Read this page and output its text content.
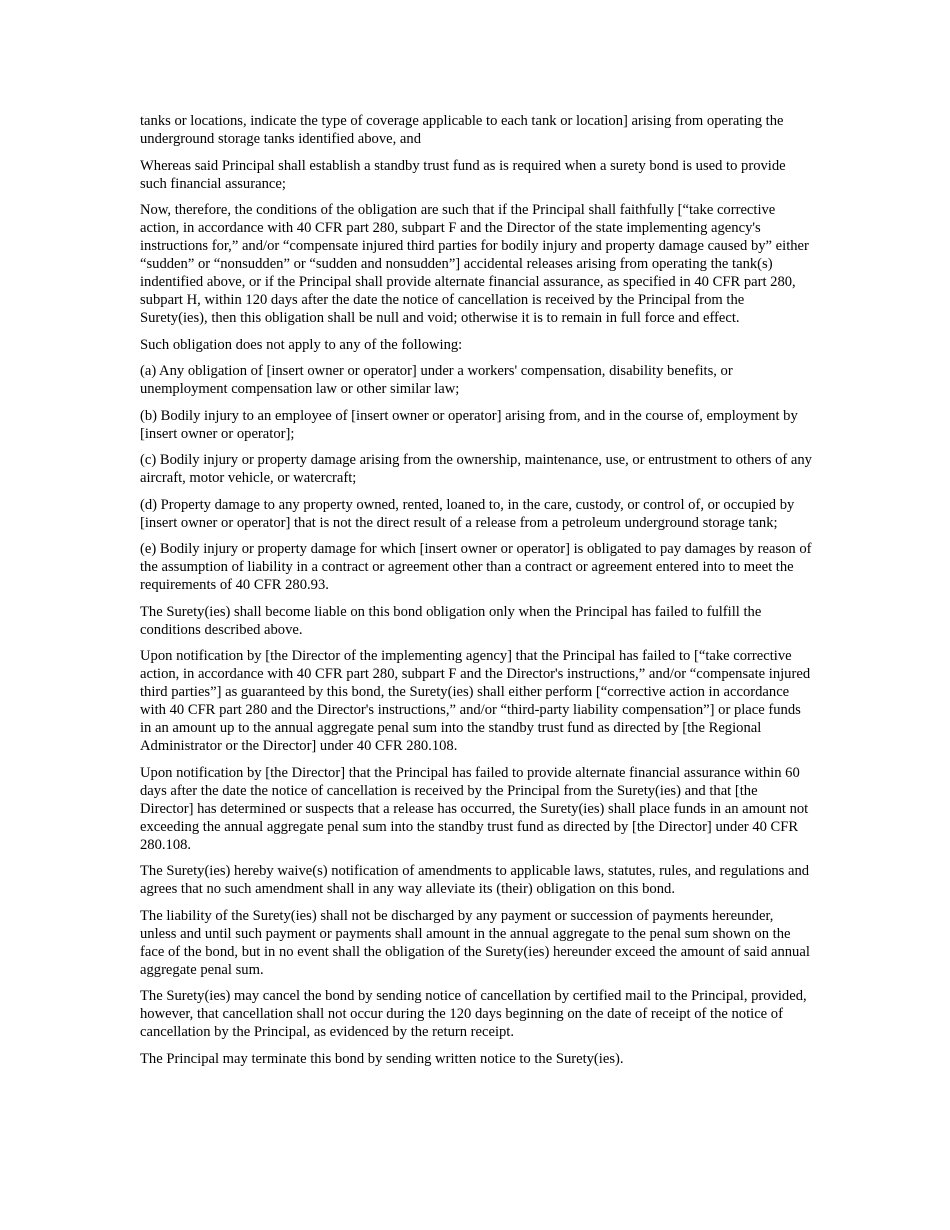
tanks or locations, indicate the type of coverage applicable to each tank or location] arising from operating the underground storage tanks identified above, and

Whereas said Principal shall establish a standby trust fund as is required when a surety bond is used to provide such financial assurance;

Now, therefore, the conditions of the obligation are such that if the Principal shall faithfully [“take corrective action, in accordance with 40 CFR part 280, subpart F and the Director of the state implementing agency's instructions for,” and/or “compensate injured third parties for bodily injury and property damage caused by” either “sudden” or “nonsudden” or “sudden and nonsudden”] accidental releases arising from operating the tank(s) indentified above, or if the Principal shall provide alternate financial assurance, as specified in 40 CFR part 280, subpart H, within 120 days after the date the notice of cancellation is received by the Principal from the Surety(ies), then this obligation shall be null and void; otherwise it is to remain in full force and effect.

Such obligation does not apply to any of the following:

(a) Any obligation of [insert owner or operator] under a workers' compensation, disability benefits, or unemployment compensation law or other similar law;

(b) Bodily injury to an employee of [insert owner or operator] arising from, and in the course of, employment by [insert owner or operator];

(c) Bodily injury or property damage arising from the ownership, maintenance, use, or entrustment to others of any aircraft, motor vehicle, or watercraft;

(d) Property damage to any property owned, rented, loaned to, in the care, custody, or control of, or occupied by [insert owner or operator] that is not the direct result of a release from a petroleum underground storage tank;

(e) Bodily injury or property damage for which [insert owner or operator] is obligated to pay damages by reason of the assumption of liability in a contract or agreement other than a contract or agreement entered into to meet the requirements of 40 CFR 280.93.

The Surety(ies) shall become liable on this bond obligation only when the Principal has failed to fulfill the conditions described above.

Upon notification by [the Director of the implementing agency] that the Principal has failed to [“take corrective action, in accordance with 40 CFR part 280, subpart F and the Director's instructions,” and/or “compensate injured third parties”] as guaranteed by this bond, the Surety(ies) shall either perform [“corrective action in accordance with 40 CFR part 280 and the Director's instructions,” and/or “third-party liability compensation”] or place funds in an amount up to the annual aggregate penal sum into the standby trust fund as directed by [the Regional Administrator or the Director] under 40 CFR 280.108.

Upon notification by [the Director] that the Principal has failed to provide alternate financial assurance within 60 days after the date the notice of cancellation is received by the Principal from the Surety(ies) and that [the Director] has determined or suspects that a release has occurred, the Surety(ies) shall place funds in an amount not exceeding the annual aggregate penal sum into the standby trust fund as directed by [the Director] under 40 CFR 280.108.

The Surety(ies) hereby waive(s) notification of amendments to applicable laws, statutes, rules, and regulations and agrees that no such amendment shall in any way alleviate its (their) obligation on this bond.

The liability of the Surety(ies) shall not be discharged by any payment or succession of payments hereunder, unless and until such payment or payments shall amount in the annual aggregate to the penal sum shown on the face of the bond, but in no event shall the obligation of the Surety(ies) hereunder exceed the amount of said annual aggregate penal sum.

The Surety(ies) may cancel the bond by sending notice of cancellation by certified mail to the Principal, provided, however, that cancellation shall not occur during the 120 days beginning on the date of receipt of the notice of cancellation by the Principal, as evidenced by the return receipt.

The Principal may terminate this bond by sending written notice to the Surety(ies).
